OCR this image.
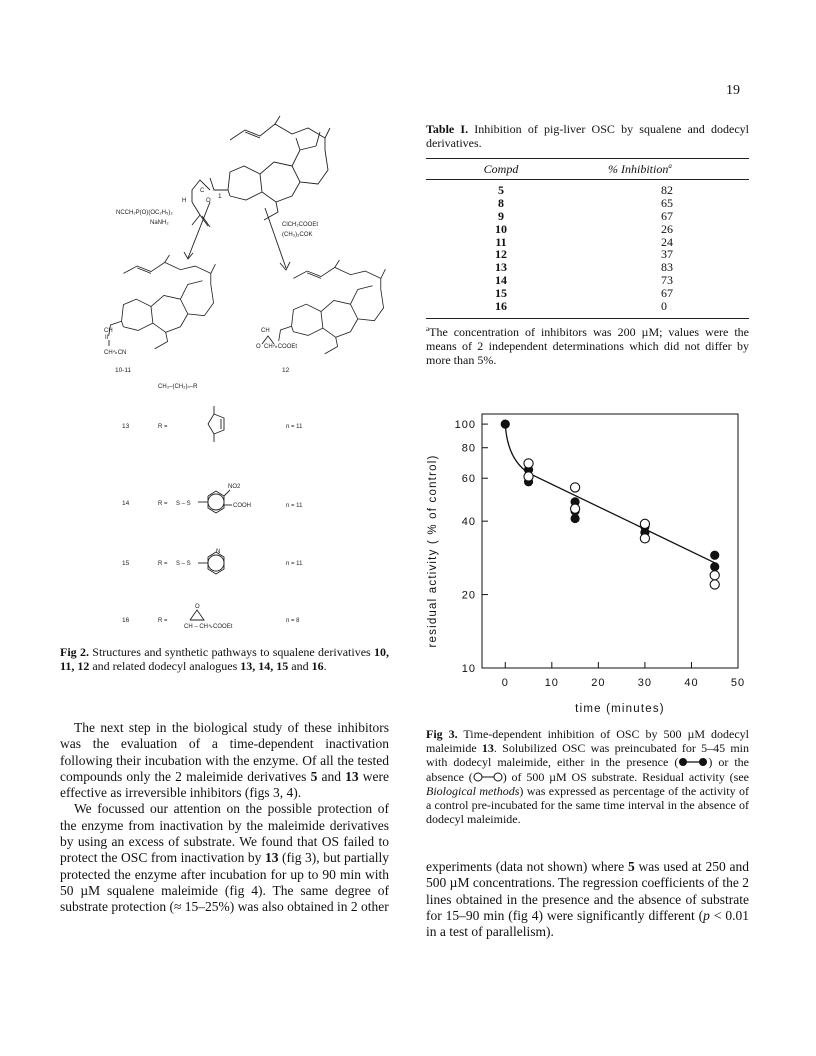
19
C
H	O
1
NCCH₂P(O)(OC₂H₅)₂
NaNH₂	ClCH₂COOEt
(CH₃)₃COK
CH
II
CH∿CN
10-11
CH
O CH∿COOEt
12
CH₃–(CH₂)ₙ–R
13	R =	n = 11
14	R = S – S
NO2
COOH	n = 11
15	R = S – S
N
n = 11
16	R =
O
CH – CH∿COOEt
n = 8
Fig 2. Structures and synthetic pathways to squalene derivatives 10, 11, 12 and related dodecyl analogues 13, 14, 15 and 16.

The next step in the biological study of these inhibitors was the evaluation of a time-dependent inactivation following their incubation with the enzyme. Of all the tested compounds only the 2 maleimide derivatives 5 and 13 were effective as irreversible inhibitors (figs 3, 4).

We focussed our attention on the possible protection of the enzyme from inactivation by the maleimide derivatives by using an excess of substrate. We found that OS failed to protect the OSC from inactivation by 13 (fig 3), but partially protected the enzyme after incubation for up to 90 min with 50 µM squalene maleimide (fig 4). The same degree of substrate protection (≈ 15–25%) was also obtained in 2 other

Table I. Inhibition of pig-liver OSC by squalene and dodecyl derivatives.
Compd	% Inhibition$^a$
5	82
8	65
9	67
10	26
11	24
12	37
13	83
14	73
15	67
16	0
$^a$The concentration of inhibitors was 200 µM; values were the means of 2 independent determinations which did not differ by more than 5%.
0	10	20	30	40	50
10
20
40
60
80
100
time (minutes)
residual activity ( % of control)
Fig 3. Time-dependent inhibition of OSC by 500 µM dodecyl maleimide 13. Solubilized OSC was preincubated for 5–45 min with dodecyl maleimide, either in the presence (	) or the absence (	) of 500 µM OS substrate. Residual activity (see Biological methods) was expressed as percentage of the activity of a control pre-incubated for the same time interval in the absence of dodecyl maleimide.
experiments (data not shown) where 5 was used at 250 and 500 µM concentrations. The regression coefficients of the 2 lines obtained in the presence and the absence of substrate for 15–90 min (fig 4) were significantly different (p < 0.01 in a test of parallelism).
